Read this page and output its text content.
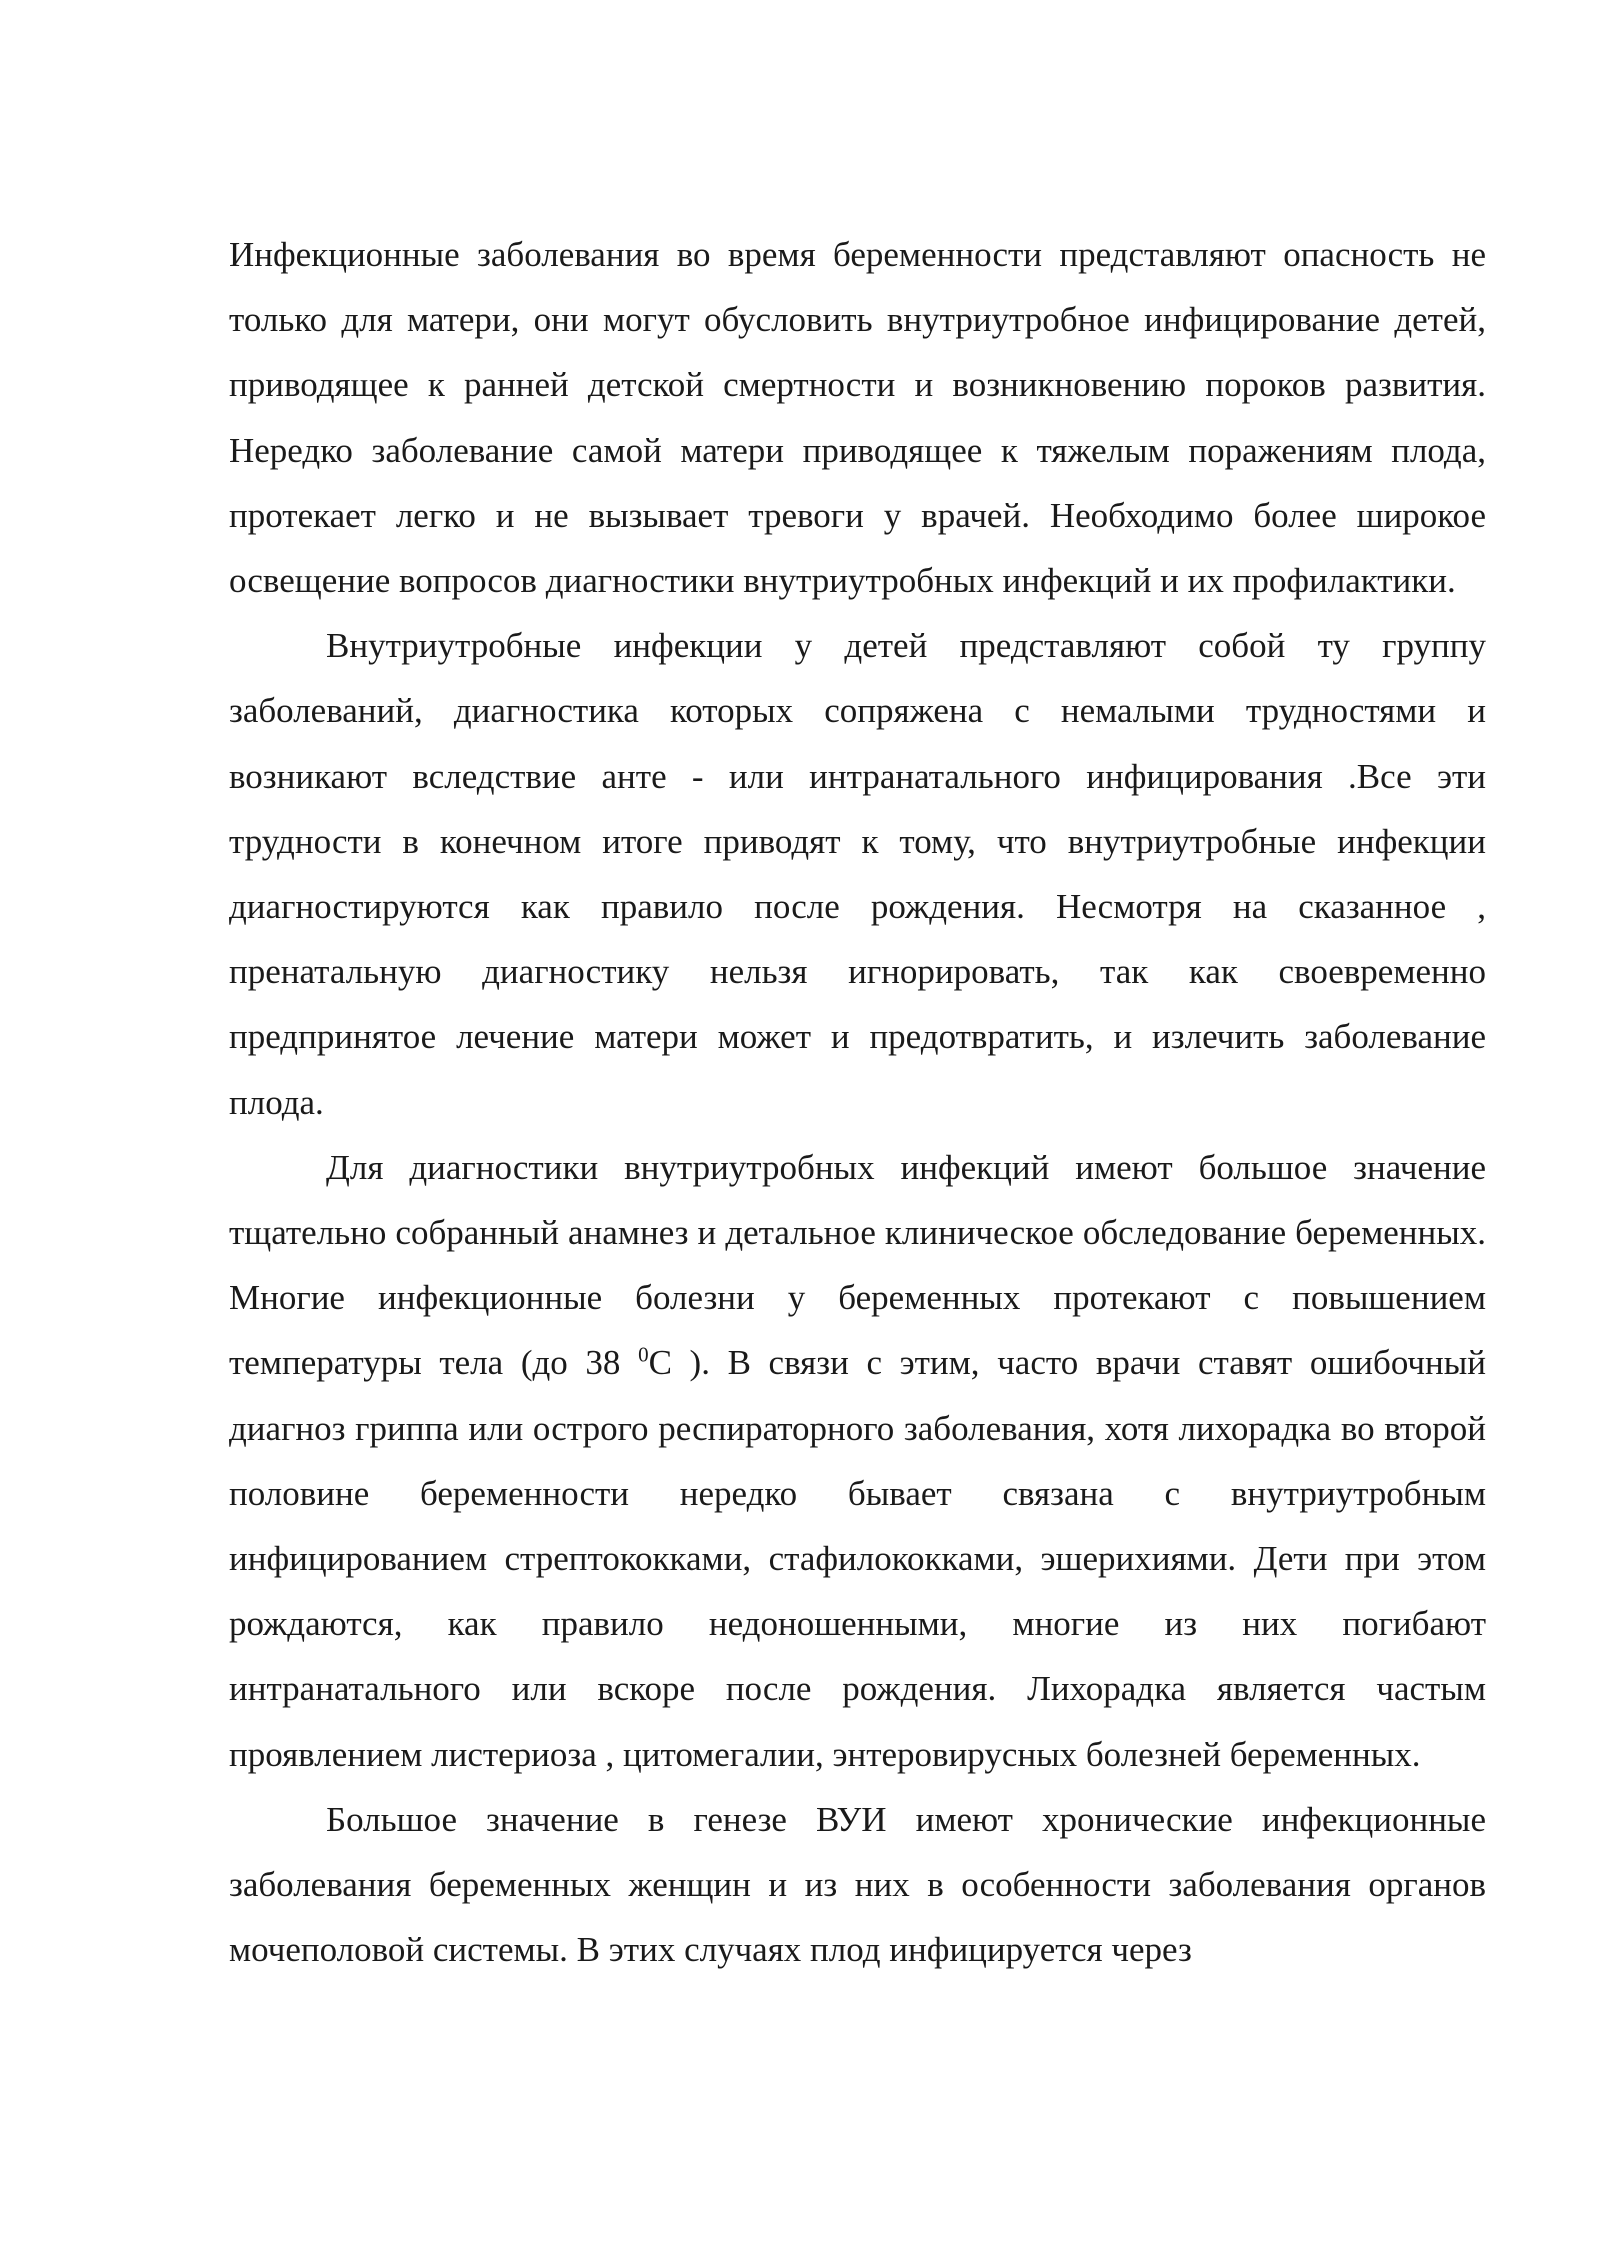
Инфекционные заболевания во время беременности представляют опасность не только для матери, они могут обусловить внутриутробное инфицирование детей, приводящее к ранней детской смертности и возникновению пороков развития. Нередко заболевание самой матери приводящее к тяжелым поражениям плода, протекает легко и не вызывает тревоги у врачей. Необходимо более широкое освещение вопросов диагностики внутриутробных инфекций и их профилактики.

Внутриутробные инфекции у детей представляют собой ту группу заболеваний, диагностика которых сопряжена с немалыми трудностями и возникают вследствие анте - или интранатального инфицирования .Все эти трудности в конечном итоге приводят к тому, что внутриутробные инфекции диагностируются как правило после рождения. Несмотря на сказанное , пренатальную диагностику нельзя игнорировать, так как своевременно предпринятое лечение матери может и предотвратить, и излечить заболевание плода.

Для диагностики внутриутробных инфекций имеют большое значение тщательно собранный анамнез и детальное клиническое обследование беременных. Многие инфекционные болезни у беременных протекают с повышением температуры тела (до 38 $^0$С ). В связи с этим, часто врачи ставят ошибочный диагноз гриппа или острого респираторного заболевания, хотя лихорадка во второй половине беременности нередко бывает связана с внутриутробным инфицированием стрептококками, стафилококками, эшерихиями. Дети при этом рождаются, как правило недоношенными, многие из них погибают интранатального или вскоре после рождения. Лихорадка является частым проявлением листериоза , цитомегалии, энтеровирусных болезней беременных.

Большое значение в генезе ВУИ имеют хронические инфекционные заболевания беременных женщин и из них в особенности заболевания органов мочеполовой системы. В этих случаях плод инфицируется через
